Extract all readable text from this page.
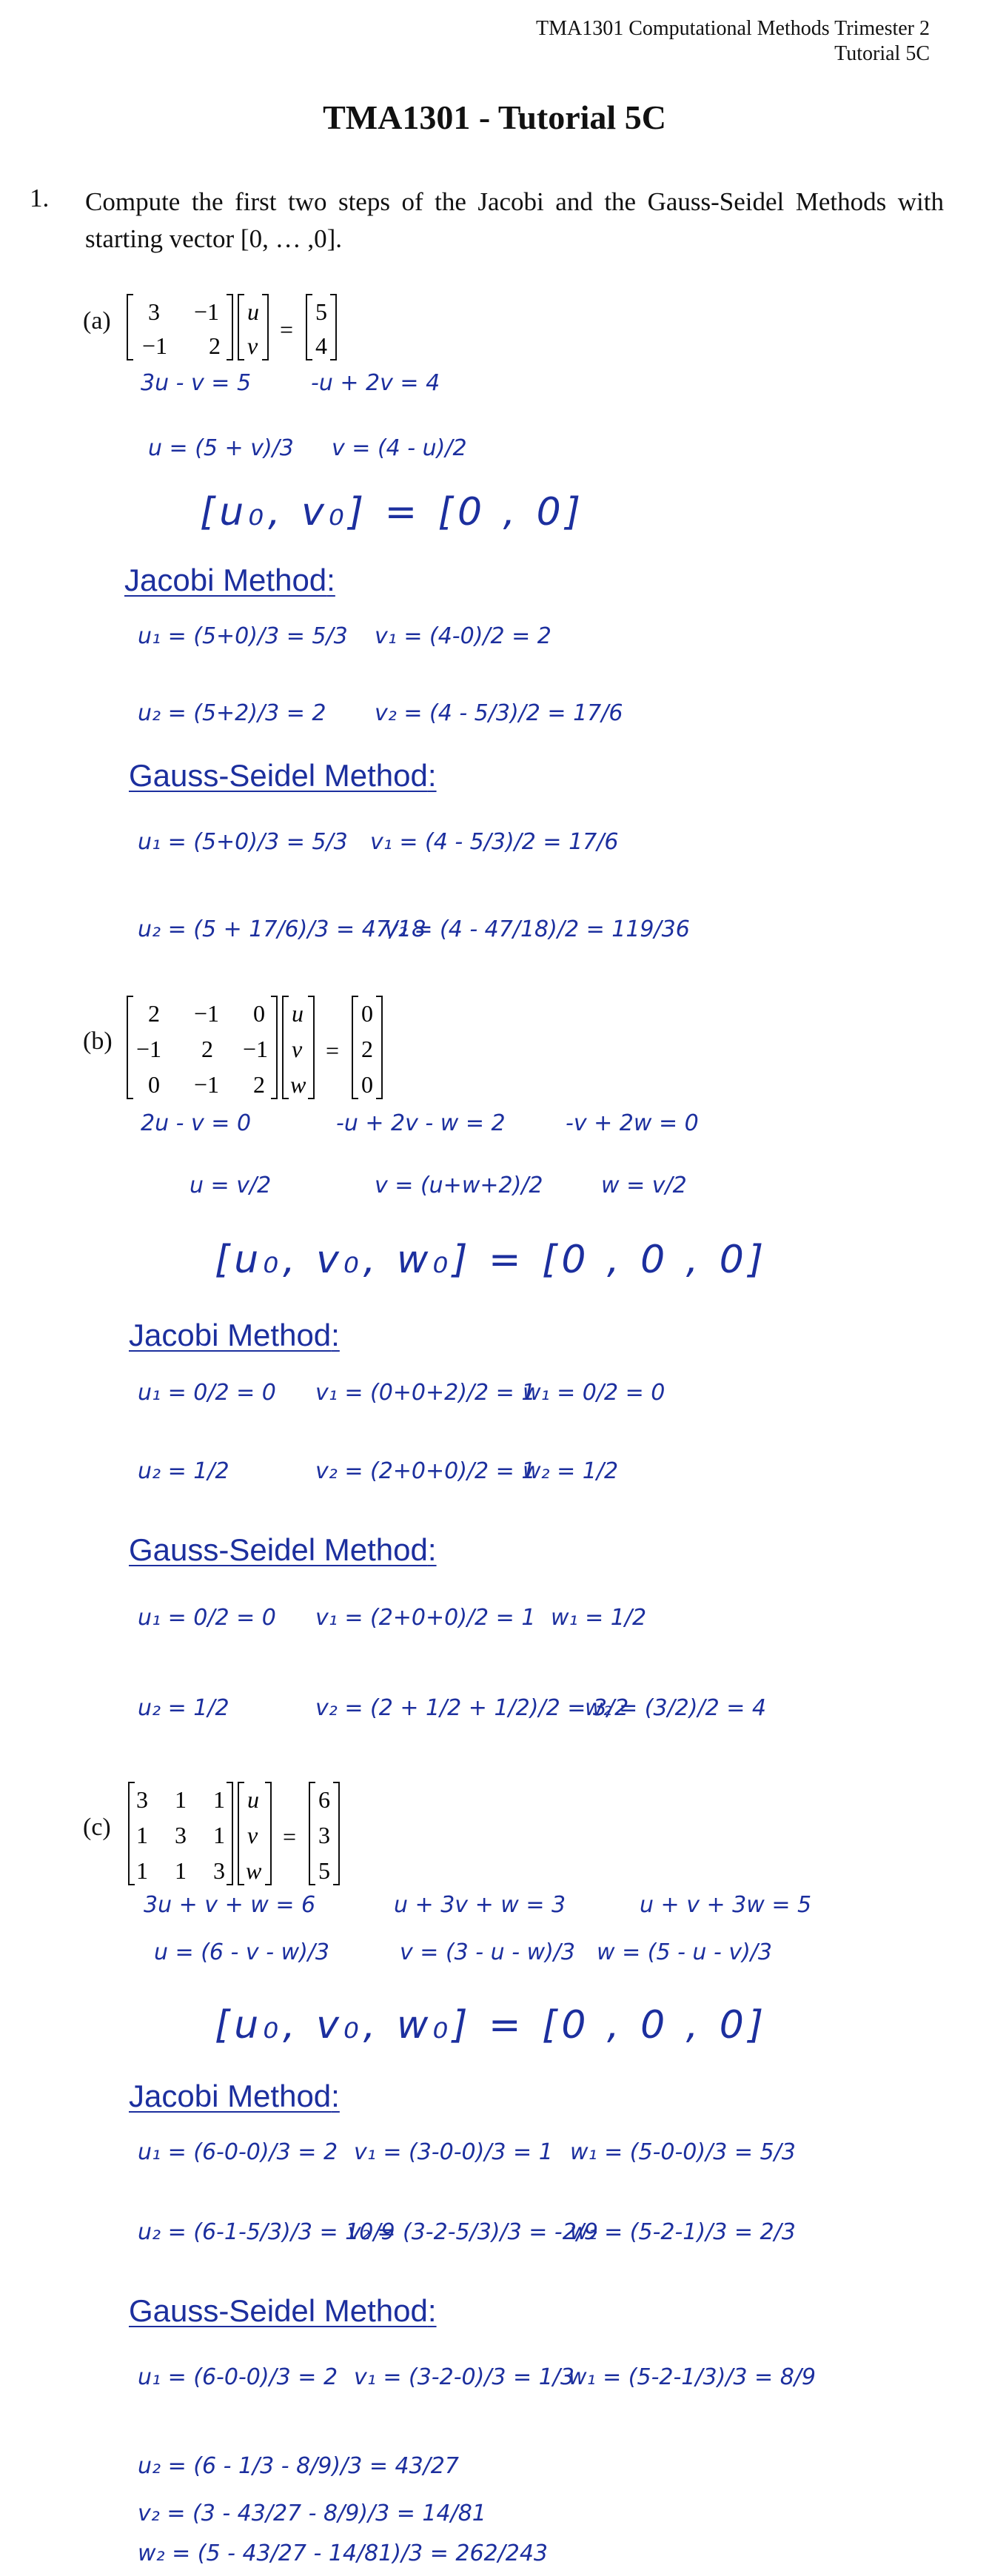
TMA1301 Computational Methods Trimester 2
Tutorial 5C
TMA1301 - Tutorial 5C
1. Compute the first two steps of the Jacobi and the Gauss-Seidel Methods with starting vector [0, … ,0].
(a) 3 −1
−1 2
u
v
=
5
4
3u - v = 5	-u + 2v = 4
u = (5 + v)/3 v = (4 - u)/2
[u₀, v₀] = [0 , 0]
Jacobi Method:
u₁ = (5+0)/3 = 5/3 v₁ = (4-0)/2 = 2
u₂ = (5+2)/3 = 2 v₂ = (4 - 5/3)/2 = 17/6
Gauss-Seidel Method:
u₁ = (5+0)/3 = 5/3 v₁ = (4 - 5/3)/2 = 17/6
u₂ = (5 + 17/6)/3 = 47/18
v₂ = (4 - 47/18)/2 = 119/36
(b)
2 −1 0
−1 2 −1
0 −1 2
u
v
w
=
0
2
0
2u - v = 0	-u + 2v - w = 2	-v + 2w = 0
u = v/2	v = (u+w+2)/2	w = v/2
[u₀, v₀, w₀] = [0 , 0 , 0]
Jacobi Method:
u₁ = 0/2 = 0 v₁ = (0+0+2)/2 = 1
w₁ = 0/2 = 0
u₂ = 1/2	v₂ = (2+0+0)/2 = 1
w₂ = 1/2
Gauss-Seidel Method:
u₁ = 0/2 = 0 v₁ = (2+0+0)/2 = 1 w₁ = 1/2
u₂ = 1/2	v₂ = (2 + 1/2 + 1/2)/2 = 3/2
w₂ = (3/2)/2 = 4
(c)
3 1 1
1 3 1
1 1 3
u
v
w
=
6
3
5
3u + v + w = 6	u + 3v + w = 3	u + v + 3w = 5
u = (6 - v - w)/3	v = (3 - u - w)/3 w = (5 - u - v)/3
[u₀, v₀, w₀] = [0 , 0 , 0]
Jacobi Method:
u₁ = (6-0-0)/3 = 2 v₁ = (3-0-0)/3 = 1 w₁ = (5-0-0)/3 = 5/3
u₂ = (6-1-5/3)/3 = 10/9
v₂ = (3-2-5/3)/3 = -2/9
w₂ = (5-2-1)/3 = 2/3
Gauss-Seidel Method:
u₁ = (6-0-0)/3 = 2 v₁ = (3-2-0)/3 = 1/3
w₁ = (5-2-1/3)/3 = 8/9
u₂ = (6 - 1/3 - 8/9)/3 = 43/27
v₂ = (3 - 43/27 - 8/9)/3 = 14/81
w₂ = (5 - 43/27 - 14/81)/3 = 262/243
